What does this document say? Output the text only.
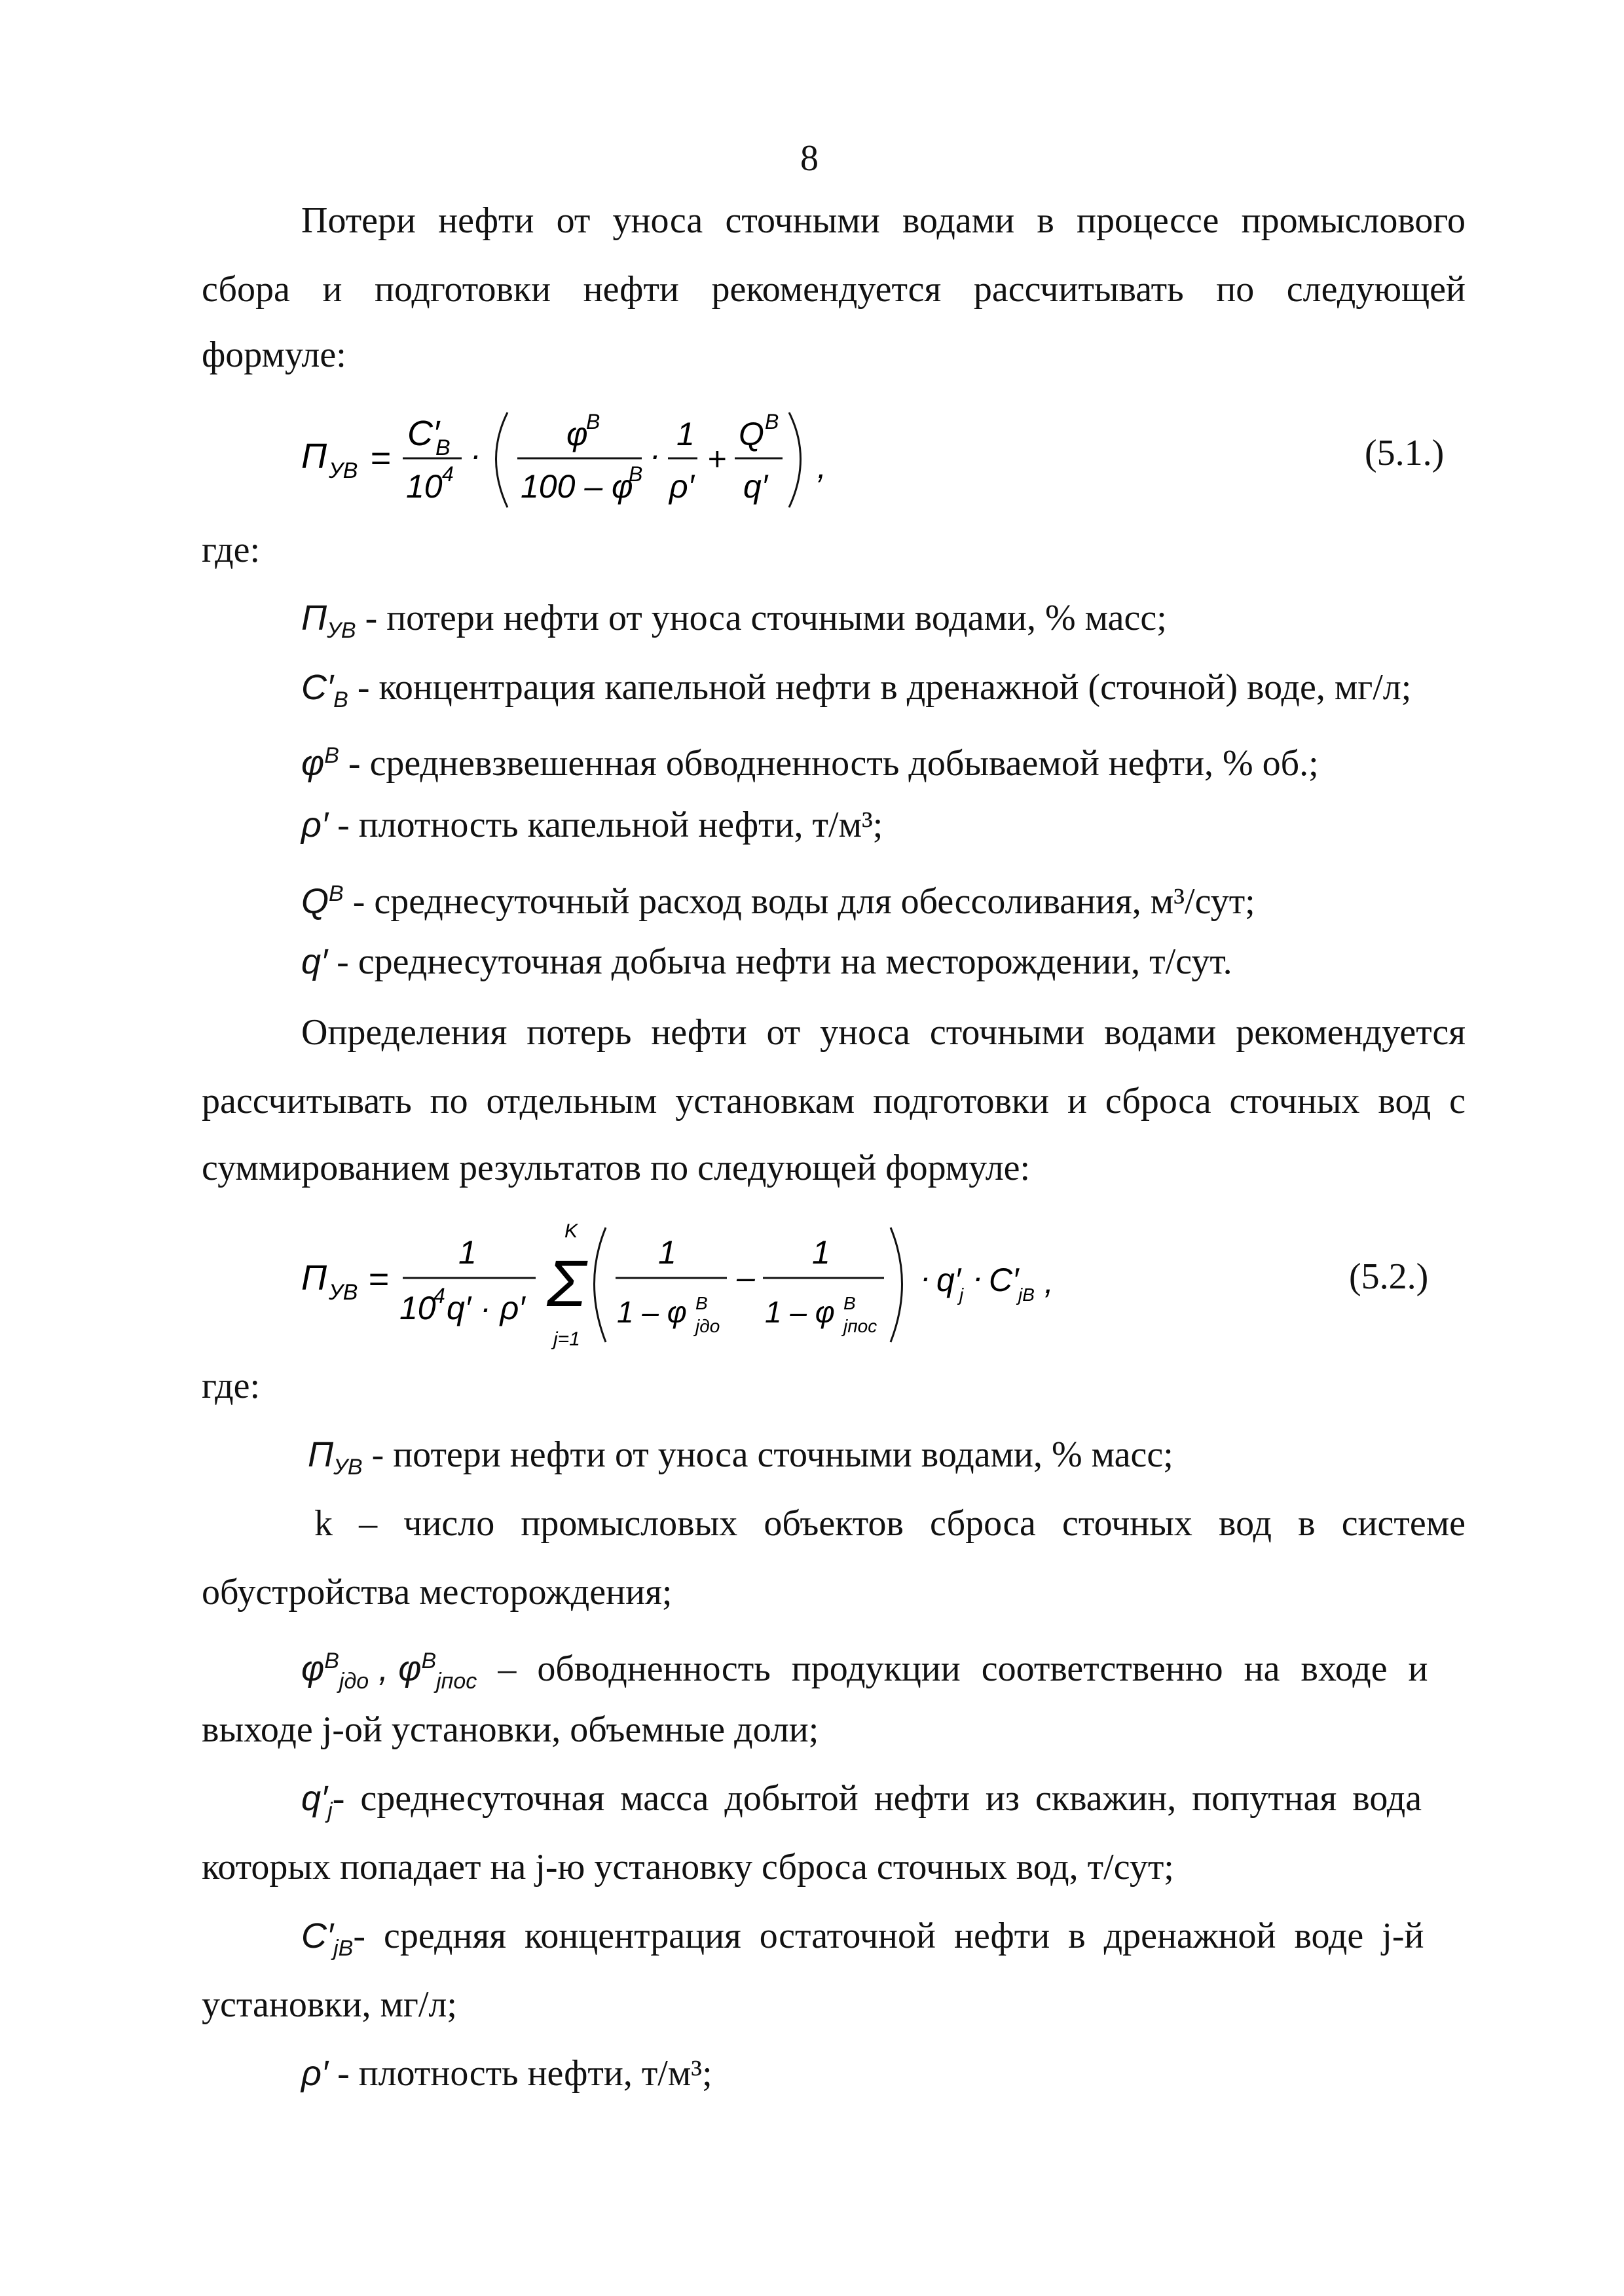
8
Потери нефти от уноса сточными водами в процессе промыслового
сбора и подготовки нефти рекомендуется рассчитывать по следующей
формуле:
П УВ =
C′
B
10 4
·
φ
B
100 – φ
B
·
1
ρ′
+
Q B
q′
,	(5.1.)
где:
$П_{УВ}$ - потери нефти от уноса сточными водами, % масс;
$C'_B$ - концентрация капельной нефти в дренажной (сточной) воде, мг/л;
$\varphi^B$ - средневзвешенная обводненность добываемой нефти, % об.;
ρ′ - плотность капельной нефти, т/м³;
$Q^B$ - среднесуточный расход воды для обессоливания, м³/сут;
q′ - среднесуточная добыча нефти на месторождении, т/сут.
Определения потерь нефти от уноса сточными водами рекомендуется
рассчитывать по отдельным установкам подготовки и сброса сточных вод с
суммированием результатов по следующей формуле:
П УВ =
1
10
4 q′ · ρ′
K
Σ
j=1
1
1 – φ B
jдо
–
1
1 – φ B
jпос
· q′
j · C′ jB ,	(5.2.)
где:
$П_{УВ}$ - потери нефти от уноса сточными водами, % масс;
k – число промысловых объектов сброса сточных вод в системе
обустройства месторождения;
$\varphi^B_{jдо}$ , $\varphi^B_{jпос}$ – обводненность продукции соответственно на входе и
выходе j-ой установки, объемные доли;
$q'_j-$ среднесуточная масса добытой нефти из скважин, попутная вода
которых попадает на j-ю установку сброса сточных вод, т/сут;
$C'_{jB}-$ средняя концентрация остаточной нефти в дренажной воде j-й
установки, мг/л;
ρ′ - плотность нефти, т/м³;
